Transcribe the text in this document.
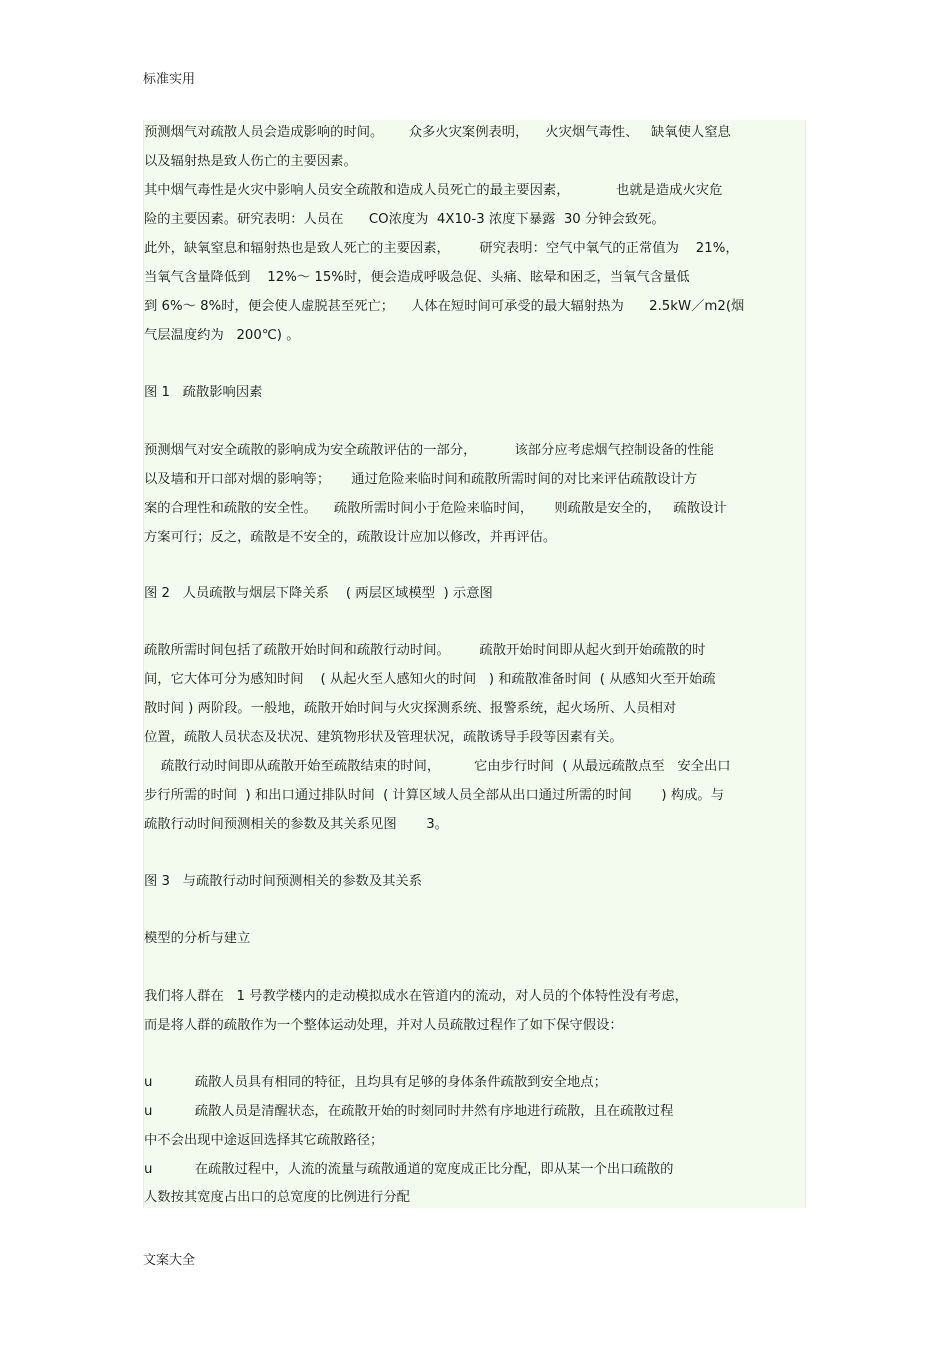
标准实用
预测烟气对疏散人员会造成影响的时间。      众多火灾案例表明，    火灾烟气毒性、   缺氧使人窒息
以及辐射热是致人伤亡的主要因素。
其中烟气毒性是火灾中影响人员安全疏散和造成人员死亡的最主要因素，           也就是造成火灾危
险的主要因素。研究表明：人员在      CO浓度为  4X10-3 浓度下暴露  30 分钟会致死。
此外，缺氧窒息和辐射热也是致人死亡的主要因素，       研究表明：空气中氧气的正常值为    21%，
当氧气含量降低到    12%～ 15%时，便会造成呼吸急促、头痛、眩晕和困乏，当氧气含量低
到 6%～ 8%时，便会使人虚脱甚至死亡；    人体在短时间可承受的最大辐射热为      2.5kW／m2(烟
气层温度约为   200℃) 。
图 1   疏散影响因素
预测烟气对安全疏散的影响成为安全疏散评估的一部分，         该部分应考虑烟气控制设备的性能
以及墙和开口部对烟的影响等；     通过危险来临时间和疏散所需时间的对比来评估疏散设计方
案的合理性和疏散的安全性。    疏散所需时间小于危险来临时间，     则疏散是安全的，   疏散设计
方案可行；反之，疏散是不安全的，疏散设计应加以修改，并再评估。
图 2   人员疏散与烟层下降关系    ( 两层区域模型  ) 示意图
疏散所需时间包括了疏散开始时间和疏散行动时间。       疏散开始时间即从起火到开始疏散的时
间，它大体可分为感知时间    ( 从起火至人感知火的时间   ) 和疏散准备时间  ( 从感知火至开始疏
散时间 ) 两阶段。一般地，疏散开始时间与火灾探测系统、报警系统，起火场所、人员相对
位置，疏散人员状态及状况、建筑物形状及管理状况，疏散诱导手段等因素有关。
疏散行动时间即从疏散开始至疏散结束的时间，        它由步行时间  ( 从最远疏散点至   安全出口
步行所需的时间  ) 和出口通过排队时间  ( 计算区域人员全部从出口通过所需的时间       ) 构成。与
疏散行动时间预测相关的参数及其关系见图       3。
图 3   与疏散行动时间预测相关的参数及其关系
模型的分析与建立
我们将人群在   1 号教学楼内的走动模拟成水在管道内的流动，对人员的个体特性没有考虑，
而是将人群的疏散作为一个整体运动处理，并对人员疏散过程作了如下保守假设：
u          疏散人员具有相同的特征，且均具有足够的身体条件疏散到安全地点；
u          疏散人员是清醒状态，在疏散开始的时刻同时井然有序地进行疏散，且在疏散过程
中不会出现中途返回选择其它疏散路径；
u          在疏散过程中，人流的流量与疏散通道的宽度成正比分配，即从某一个出口疏散的
人数按其宽度占出口的总宽度的比例进行分配
文案大全
